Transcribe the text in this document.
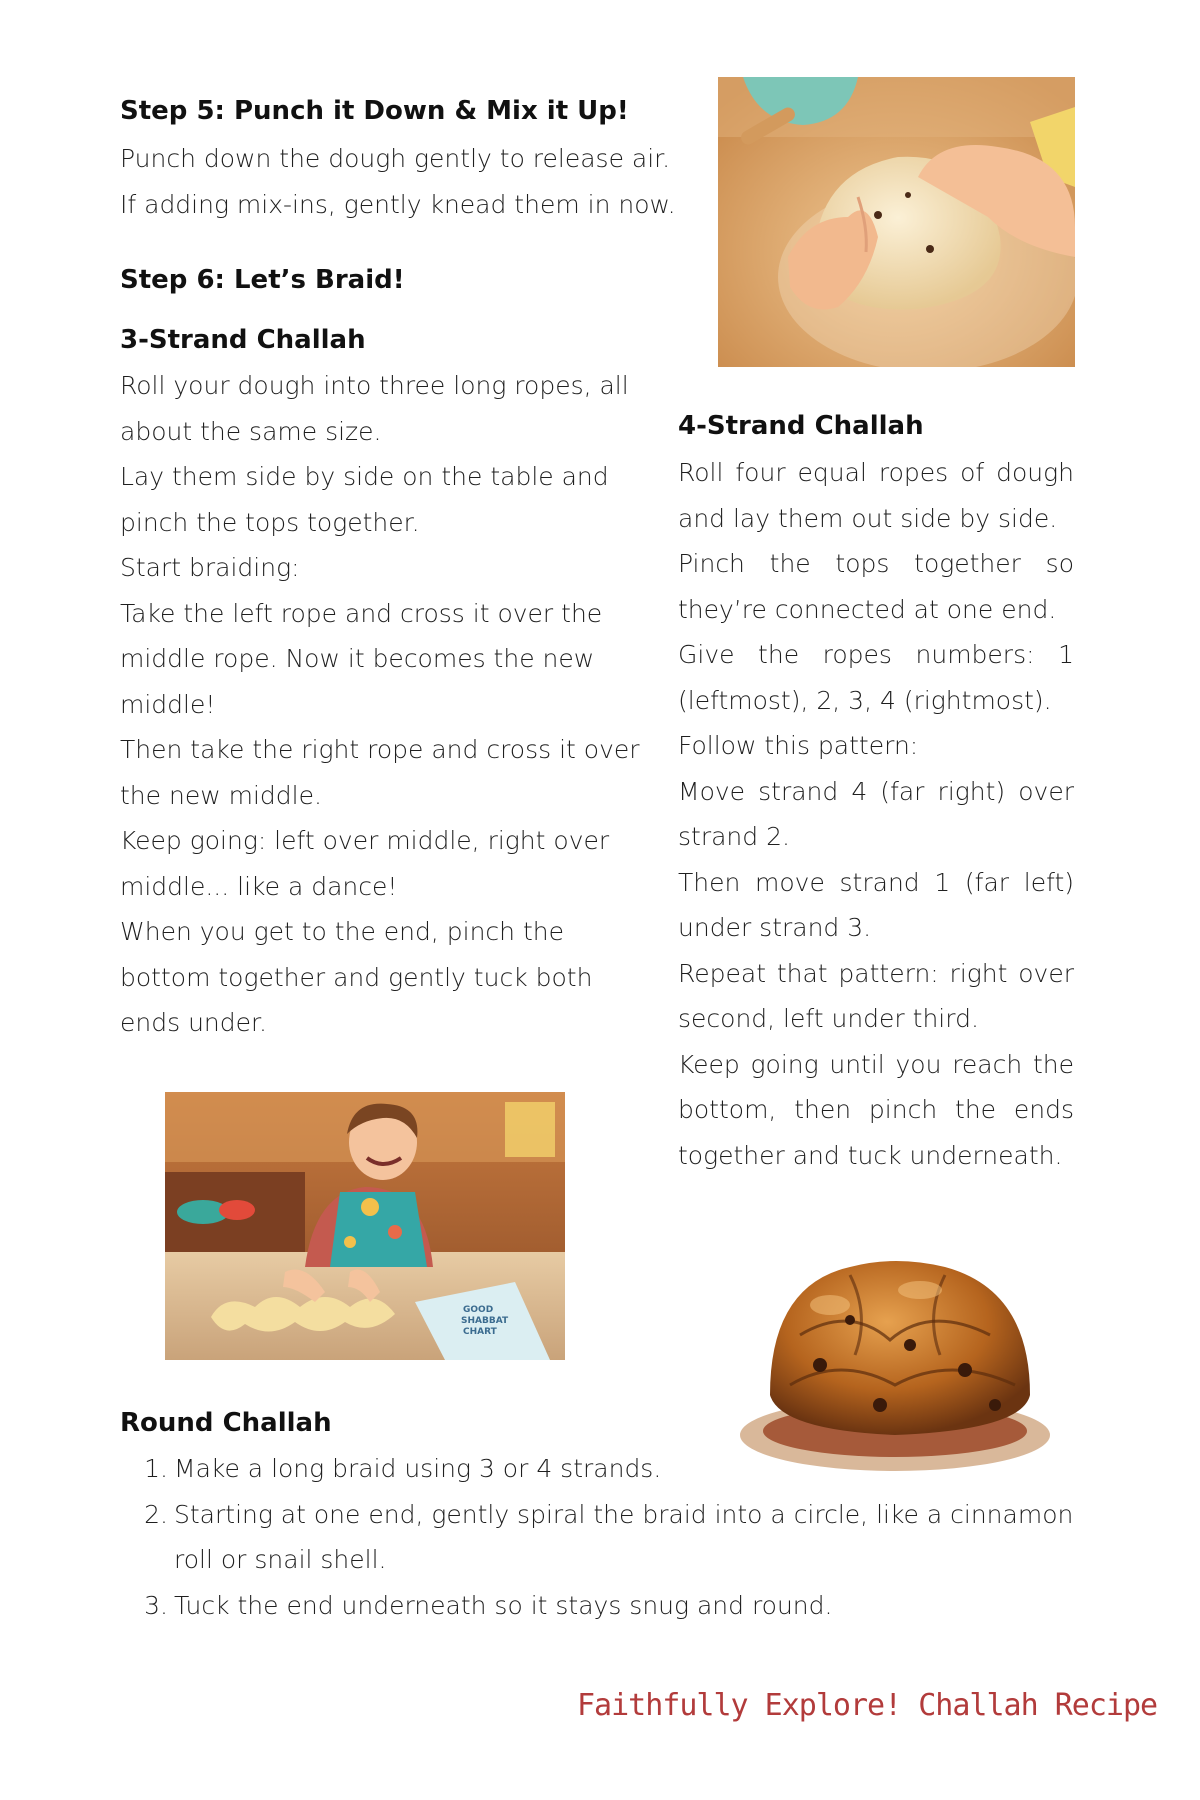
Step 5: Punch it Down & Mix it Up!

Punch down the dough gently to release air.

If adding mix-ins, gently knead them in now.

Step 6: Let’s Braid!
3-Strand Challah

Roll your dough into three long ropes, all about the same size.

Lay them side by side on the table and pinch the tops together.

Start braiding:

Take the left rope and cross it over the middle rope. Now it becomes the new middle!

Then take the right rope and cross it over the new middle.

Keep going: left over middle, right over middle... like a dance!

When you get to the end, pinch the bottom together and gently tuck both ends under.

4-Strand Challah

Roll four equal ropes of dough and lay them out side by side.

Pinch the tops together so they’re connected at one end.

Give the ropes numbers: 1 (leftmost), 2, 3, 4 (rightmost).

Follow this pattern:

Move strand 4 (far right) over strand 2.

Then move strand 1 (far left) under strand 3.

Repeat that pattern: right over second, left under third.

Keep going until you reach the bottom, then pinch the ends together and tuck underneath.

Round Challah
1. Make a long braid using 3 or 4 strands.
2. Starting at one end, gently spiral the braid into a circle, like a cinnamon roll or snail shell.
3. Tuck the end underneath so it stays snug and round.
GOOD
SHABBAT
CHART
Faithfully Explore! Challah Recipe
